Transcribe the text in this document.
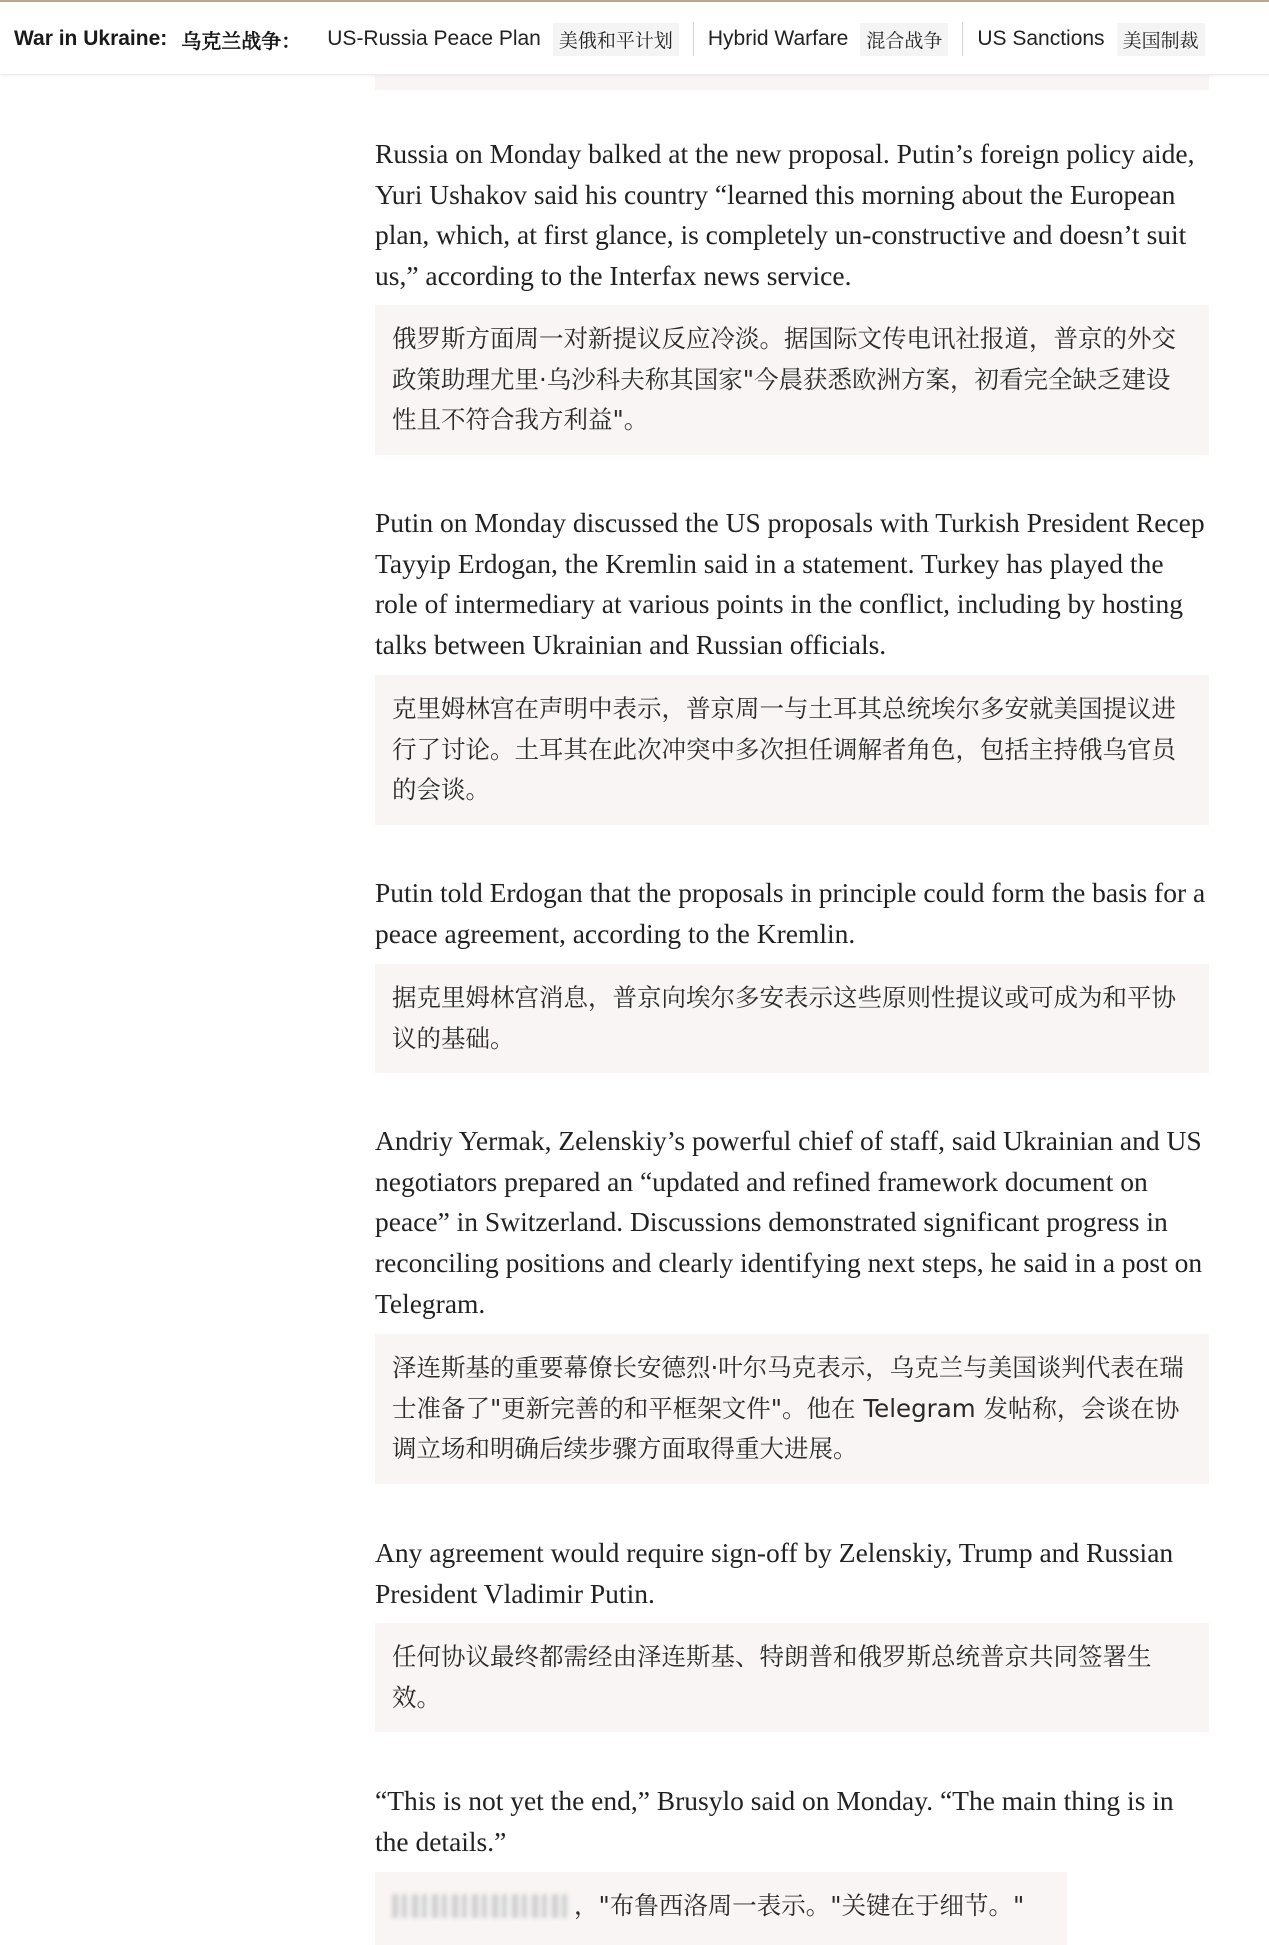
War in Ukraine: 乌克兰战争： US-Russia Peace Plan 美俄和平计划 Hybrid Warfare 混合战争 US Sanctions 美国制裁

Russia on Monday balked at the new proposal. Putin’s foreign policy aide, Yuri Ushakov said his country “learned this morning about the European plan, which, at first glance, is completely un-constructive and doesn’t suit us,” according to the Interfax news service.

俄罗斯方面周一对新提议反应冷淡。据国际文传电讯社报道，普京的外交政策助理尤里·乌沙科夫称其国家"今晨获悉欧洲方案，初看完全缺乏建设性且不符合我方利益"。

Putin on Monday discussed the US proposals with Turkish President Recep Tayyip Erdogan, the Kremlin said in a statement. Turkey has played the role of intermediary at various points in the conflict, including by hosting talks between Ukrainian and Russian officials.

克里姆林宫在声明中表示，普京周一与土耳其总统埃尔多安就美国提议进行了讨论。土耳其在此次冲突中多次担任调解者角色，包括主持俄乌官员的会谈。

Putin told Erdogan that the proposals in principle could form the basis for a peace agreement, according to the Kremlin.

据克里姆林宫消息，普京向埃尔多安表示这些原则性提议或可成为和平协议的基础。

Andriy Yermak, Zelenskiy’s powerful chief of staff, said Ukrainian and US negotiators prepared an “updated and refined framework document on peace” in Switzerland. Discussions demonstrated significant progress in reconciling positions and clearly identifying next steps, he said in a post on Telegram.

泽连斯基的重要幕僚长安德烈·叶尔马克表示，乌克兰与美国谈判代表在瑞士准备了"更新完善的和平框架文件"。他在 Telegram 发帖称，会谈在协调立场和明确后续步骤方面取得重大进展。

Any agreement would require sign-off by Zelenskiy, Trump and Russian President Vladimir Putin.

任何协议最终都需经由泽连斯基、特朗普和俄罗斯总统普京共同签署生效。

“This is not yet the end,” Brusylo said on Monday. “The main thing is in the details.”

，"布鲁西洛周一表示。"关键在于细节。"
